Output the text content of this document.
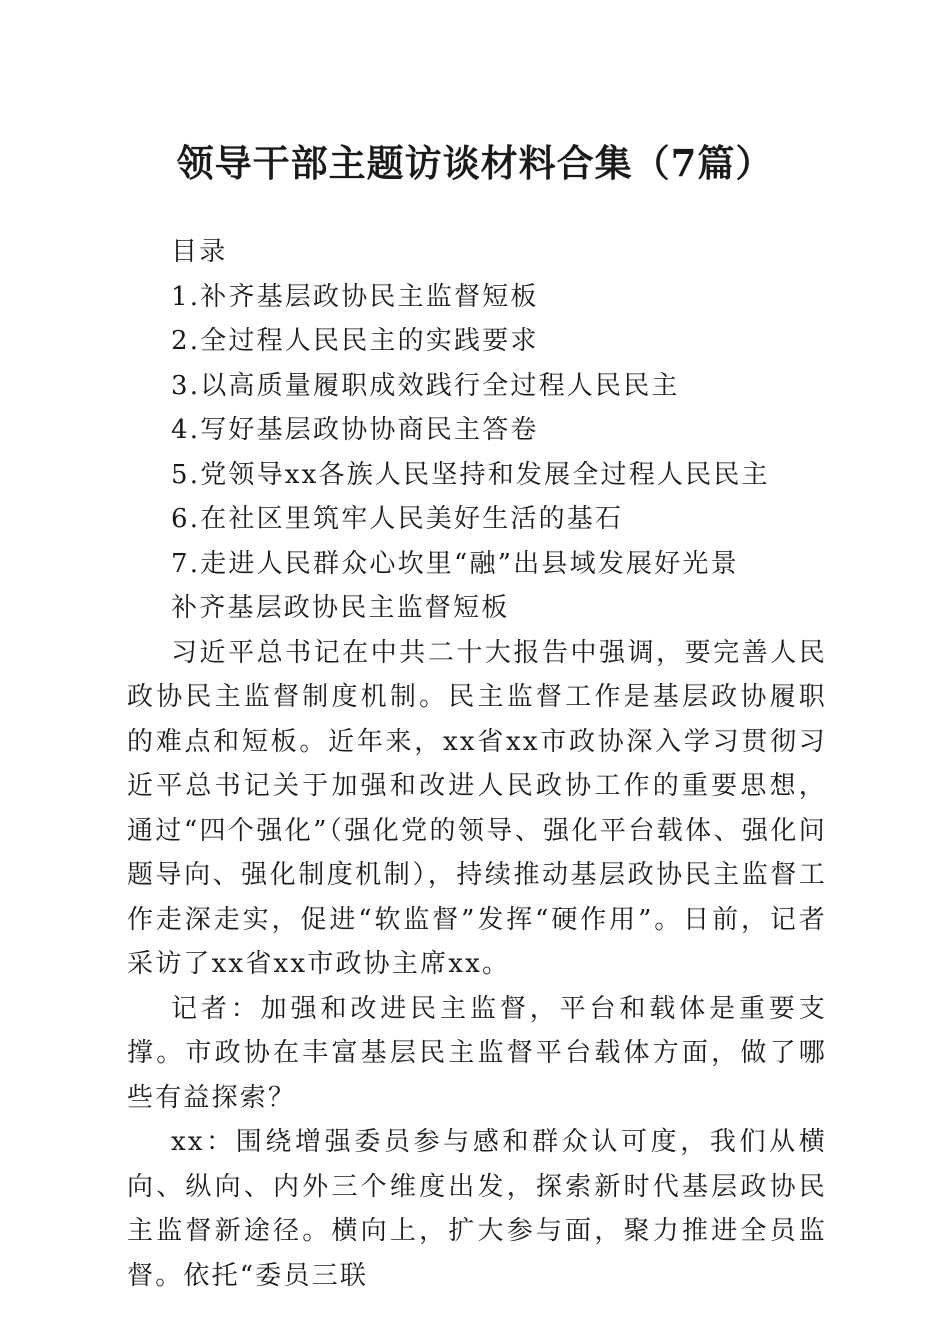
领导干部主题访谈材料合集（7篇）

目录

1.补齐基层政协民主监督短板

2.全过程人民民主的实践要求

3.以高质量履职成效践行全过程人民民主

4.写好基层政协协商民主答卷

5.党领导xx各族人民坚持和发展全过程人民民主

6.在社区里筑牢人民美好生活的基石

7.走进人民群众心坎里“融”出县域发展好光景

补齐基层政协民主监督短板

习近平总书记在中共二十大报告中强调，要完善人民政协民主监督制度机制。民主监督工作是基层政协履职的难点和短板。近年来，xx省xx市政协深入学习贯彻习近平总书记关于加强和改进人民政协工作的重要思想，通过“四个强化”（强化党的领导、强化平台载体、强化问题导向、强化制度机制），持续推动基层政协民主监督工作走深走实，促进“软监督”发挥“硬作用”。日前，记者采访了xx省xx市政协主席xx。

记者：加强和改进民主监督，平台和载体是重要支撑。市政协在丰富基层民主监督平台载体方面，做了哪些有益探索？

xx：围绕增强委员参与感和群众认可度，我们从横向、纵向、内外三个维度出发，探索新时代基层政协民主监督新途径。横向上，扩大参与面，聚力推进全员监督。依托“委员三联
